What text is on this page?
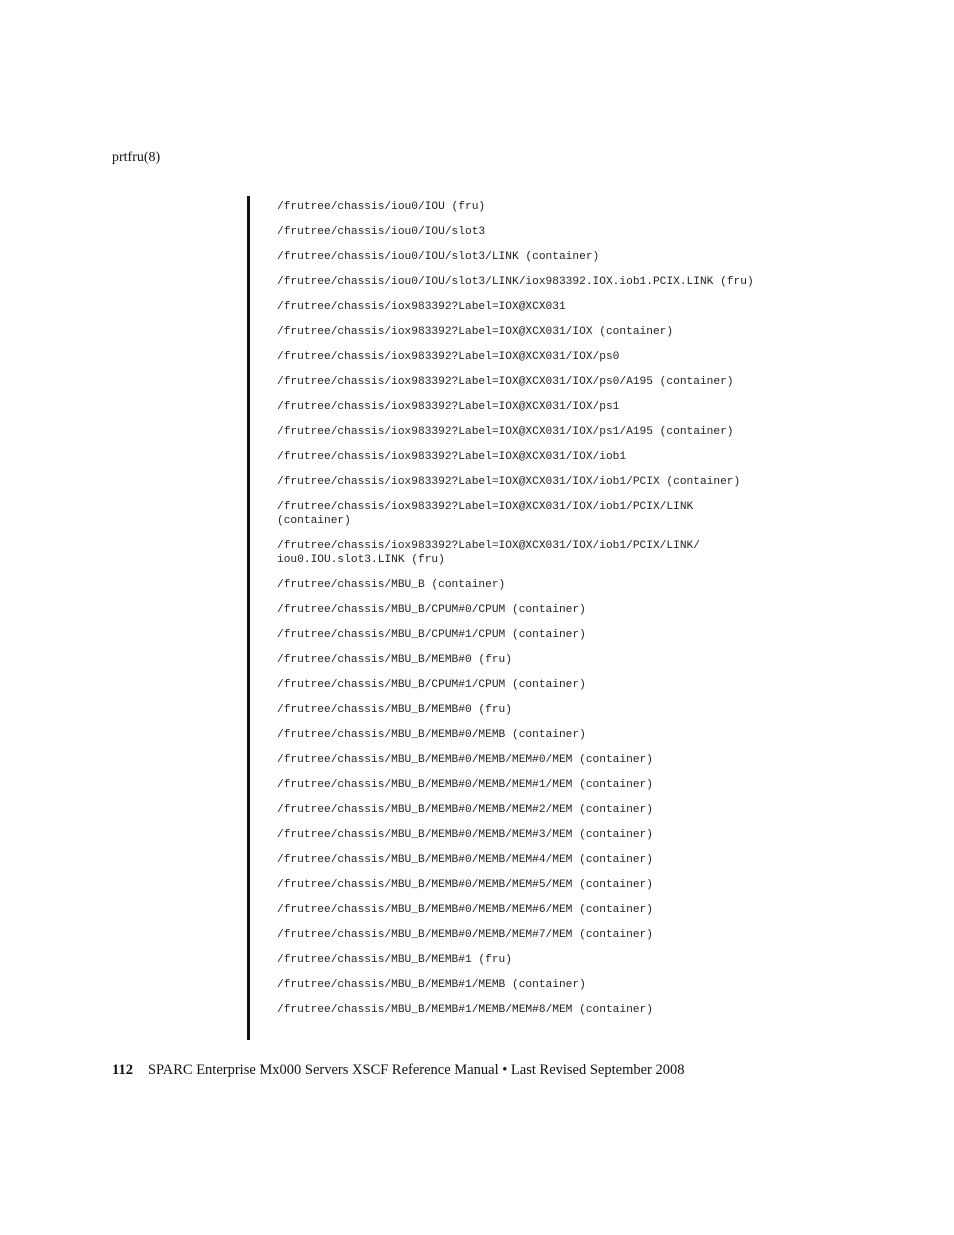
prtfru(8)
/frutree/chassis/iou0/IOU (fru)
/frutree/chassis/iou0/IOU/slot3
/frutree/chassis/iou0/IOU/slot3/LINK (container)
/frutree/chassis/iou0/IOU/slot3/LINK/iox983392.IOX.iob1.PCIX.LINK (fru)
/frutree/chassis/iox983392?Label=IOX@XCX031
/frutree/chassis/iox983392?Label=IOX@XCX031/IOX (container)
/frutree/chassis/iox983392?Label=IOX@XCX031/IOX/ps0
/frutree/chassis/iox983392?Label=IOX@XCX031/IOX/ps0/A195 (container)
/frutree/chassis/iox983392?Label=IOX@XCX031/IOX/ps1
/frutree/chassis/iox983392?Label=IOX@XCX031/IOX/ps1/A195 (container)
/frutree/chassis/iox983392?Label=IOX@XCX031/IOX/iob1
/frutree/chassis/iox983392?Label=IOX@XCX031/IOX/iob1/PCIX (container)
/frutree/chassis/iox983392?Label=IOX@XCX031/IOX/iob1/PCIX/LINK
(container)
/frutree/chassis/iox983392?Label=IOX@XCX031/IOX/iob1/PCIX/LINK/
iou0.IOU.slot3.LINK (fru)
/frutree/chassis/MBU_B (container)
/frutree/chassis/MBU_B/CPUM#0/CPUM (container)
/frutree/chassis/MBU_B/CPUM#1/CPUM (container)
/frutree/chassis/MBU_B/MEMB#0 (fru)
/frutree/chassis/MBU_B/CPUM#1/CPUM (container)
/frutree/chassis/MBU_B/MEMB#0 (fru)
/frutree/chassis/MBU_B/MEMB#0/MEMB (container)
/frutree/chassis/MBU_B/MEMB#0/MEMB/MEM#0/MEM (container)
/frutree/chassis/MBU_B/MEMB#0/MEMB/MEM#1/MEM (container)
/frutree/chassis/MBU_B/MEMB#0/MEMB/MEM#2/MEM (container)
/frutree/chassis/MBU_B/MEMB#0/MEMB/MEM#3/MEM (container)
/frutree/chassis/MBU_B/MEMB#0/MEMB/MEM#4/MEM (container)
/frutree/chassis/MBU_B/MEMB#0/MEMB/MEM#5/MEM (container)
/frutree/chassis/MBU_B/MEMB#0/MEMB/MEM#6/MEM (container)
/frutree/chassis/MBU_B/MEMB#0/MEMB/MEM#7/MEM (container)
/frutree/chassis/MBU_B/MEMB#1 (fru)
/frutree/chassis/MBU_B/MEMB#1/MEMB (container)
/frutree/chassis/MBU_B/MEMB#1/MEMB/MEM#8/MEM (container)
112 SPARC Enterprise Mx000 Servers XSCF Reference Manual • Last Revised September 2008
